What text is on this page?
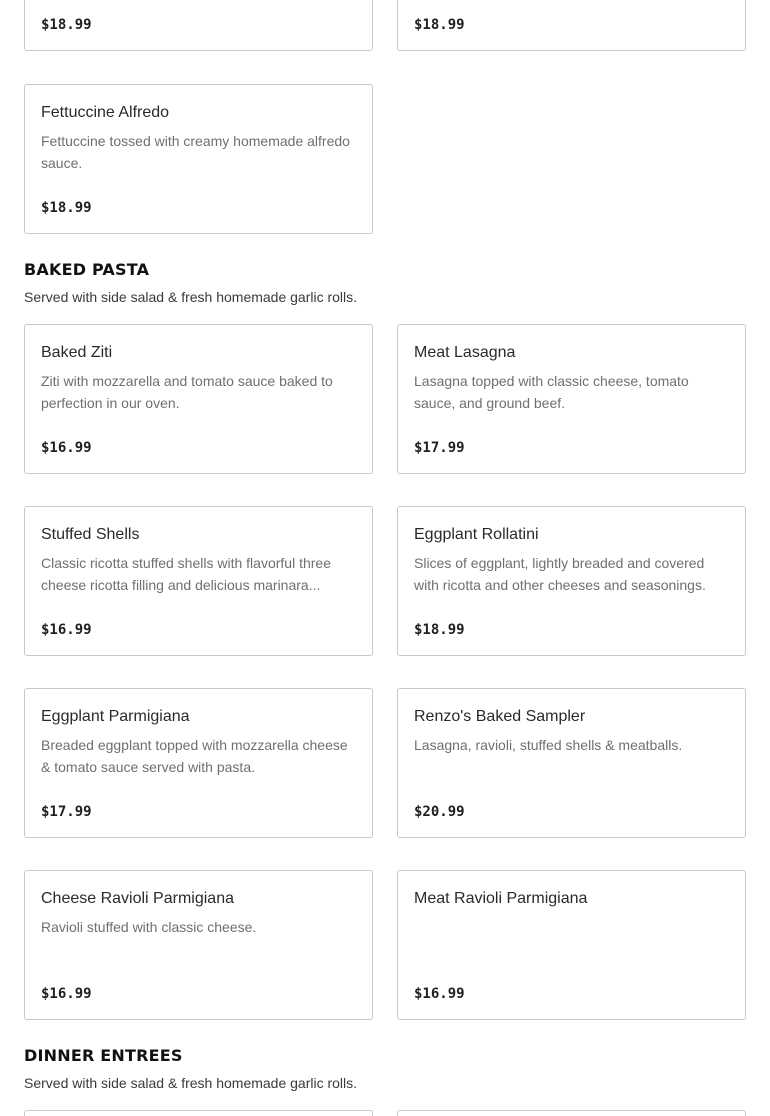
$18.99	$18.99
Fettuccine Alfredo
Fettuccine tossed with creamy homemade alfredo sauce.
$18.99
BAKED PASTA
Served with side salad & fresh homemade garlic rolls.
Baked Ziti
Ziti with mozzarella and tomato sauce baked to perfection in our oven.
$16.99
Meat Lasagna
Lasagna topped with classic cheese, tomato sauce, and ground beef.
$17.99
Stuffed Shells
Classic ricotta stuffed shells with flavorful three cheese ricotta filling and delicious marinara...
$16.99
Eggplant Rollatini
Slices of eggplant, lightly breaded and covered with ricotta and other cheeses and seasonings.
$18.99
Eggplant Parmigiana
Breaded eggplant topped with mozzarella cheese & tomato sauce served with pasta.
$17.99
Renzo's Baked Sampler
Lasagna, ravioli, stuffed shells & meatballs.
$20.99
Cheese Ravioli Parmigiana
Ravioli stuffed with classic cheese.
$16.99
Meat Ravioli Parmigiana
$16.99
DINNER ENTREES
Served with side salad & fresh homemade garlic rolls.
